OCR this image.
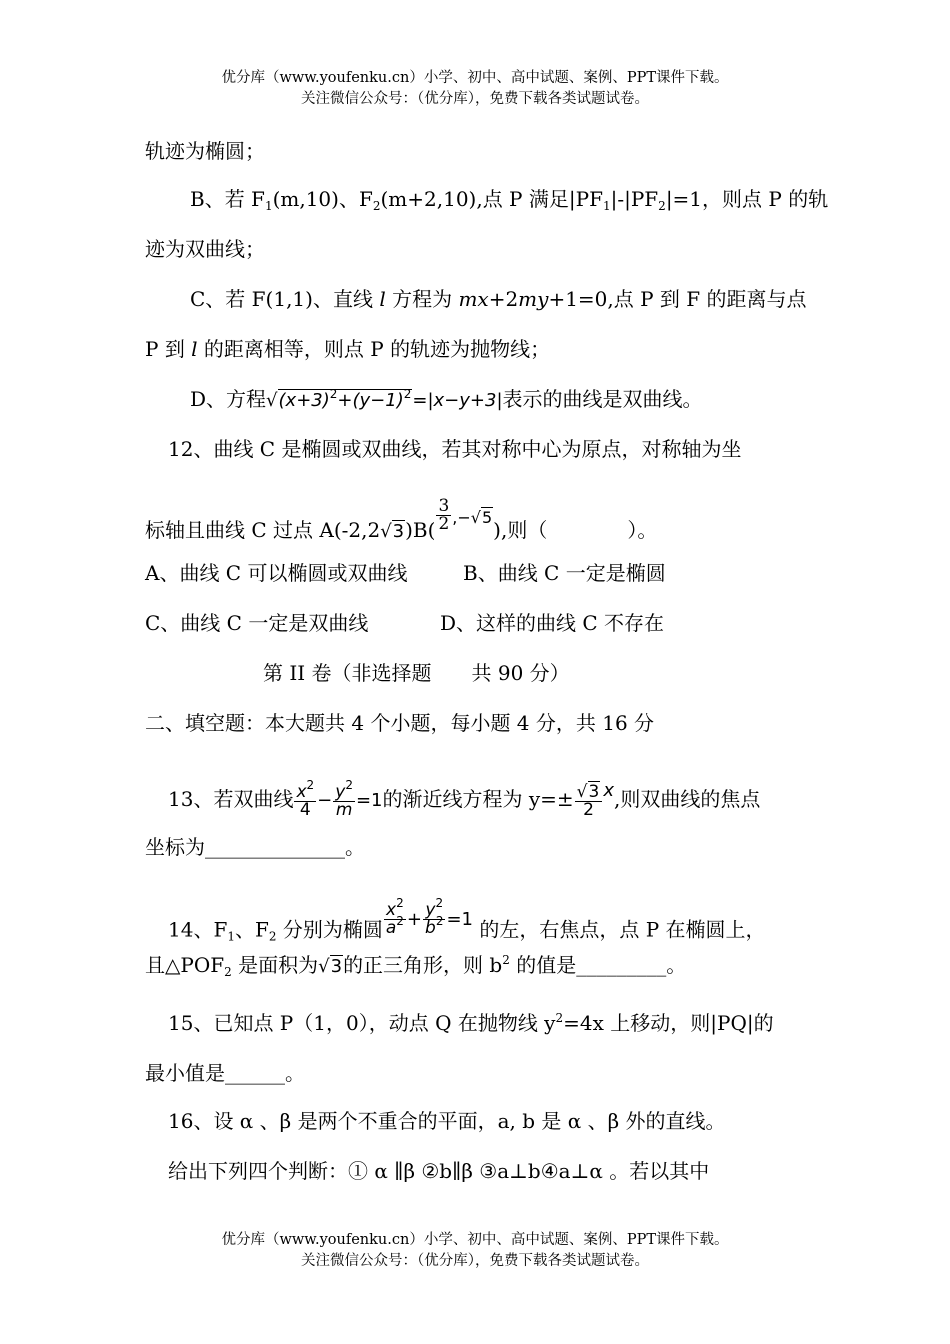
优分库（www.youfenku.cn）小学、初中、高中试题、案例、PPT课件下载。
关注微信公众号：（优分库），免费下载各类试题试卷。
轨迹为椭圆；
B、若 $F_1(m,10)$、$F_2(m+2,10)$,点 P 满足$|PF_1|-|PF_2|=1$，则点 P 的轨
迹为双曲线；
C、若 F(1,1)、直线 l 方程为 mx+2my+1=0,点 P 到 F 的距离与点
P 到 l 的距离相等，则点 P 的轨迹为抛物线；
D、方程$√(x+3)^2+(y-1)^2=|x-y+3|$表示的曲线是双曲线。
12、曲线 C 是椭圆或双曲线，若其对称中心为原点，对称轴为坐
标轴且曲线 C 过点 $A(-2,2√3)B( \frac{3}{2} ^{,-√5})$,则（　　　　）。
A、曲线 C 可以椭圆或双曲线	B、曲线 C 一定是椭圆
C、曲线 C 一定是双曲线	D、这样的曲线 C 不存在
第 II 卷（非选择题　　共 90 分）
二、填空题：本大题共 4 个小题，每小题 4 分，共 16 分
13、若双曲线 $\frac{x^2}{4} - \frac{y^2}{m} =1$的渐近线方程为 $y=\pm \frac{√3}{2} x$,则双曲线的焦点
坐标为______________。
14、$F_1$、$F_2$ 分别为椭圆 $\frac{x^2}{a^2} + \frac{y^2}{b^2} =1$ 的左，右焦点，点 P 在椭圆上，
且$\triangle POF_2$ 是面积为√3的正三角形，则 $b^2$ 的值是_________。
15、已知点 P（1，0），动点 Q 在抛物线 $y^2=4x$ 上移动，则|PQ|的
最小值是______。
16、设 α 、β 是两个不重合的平面，a, b 是 α 、β 外的直线。
给出下列四个判断：① α ∥β ②b∥β ③a⊥b④a⊥α 。若以其中
优分库（www.youfenku.cn）小学、初中、高中试题、案例、PPT课件下载。
关注微信公众号：（优分库），免费下载各类试题试卷。
